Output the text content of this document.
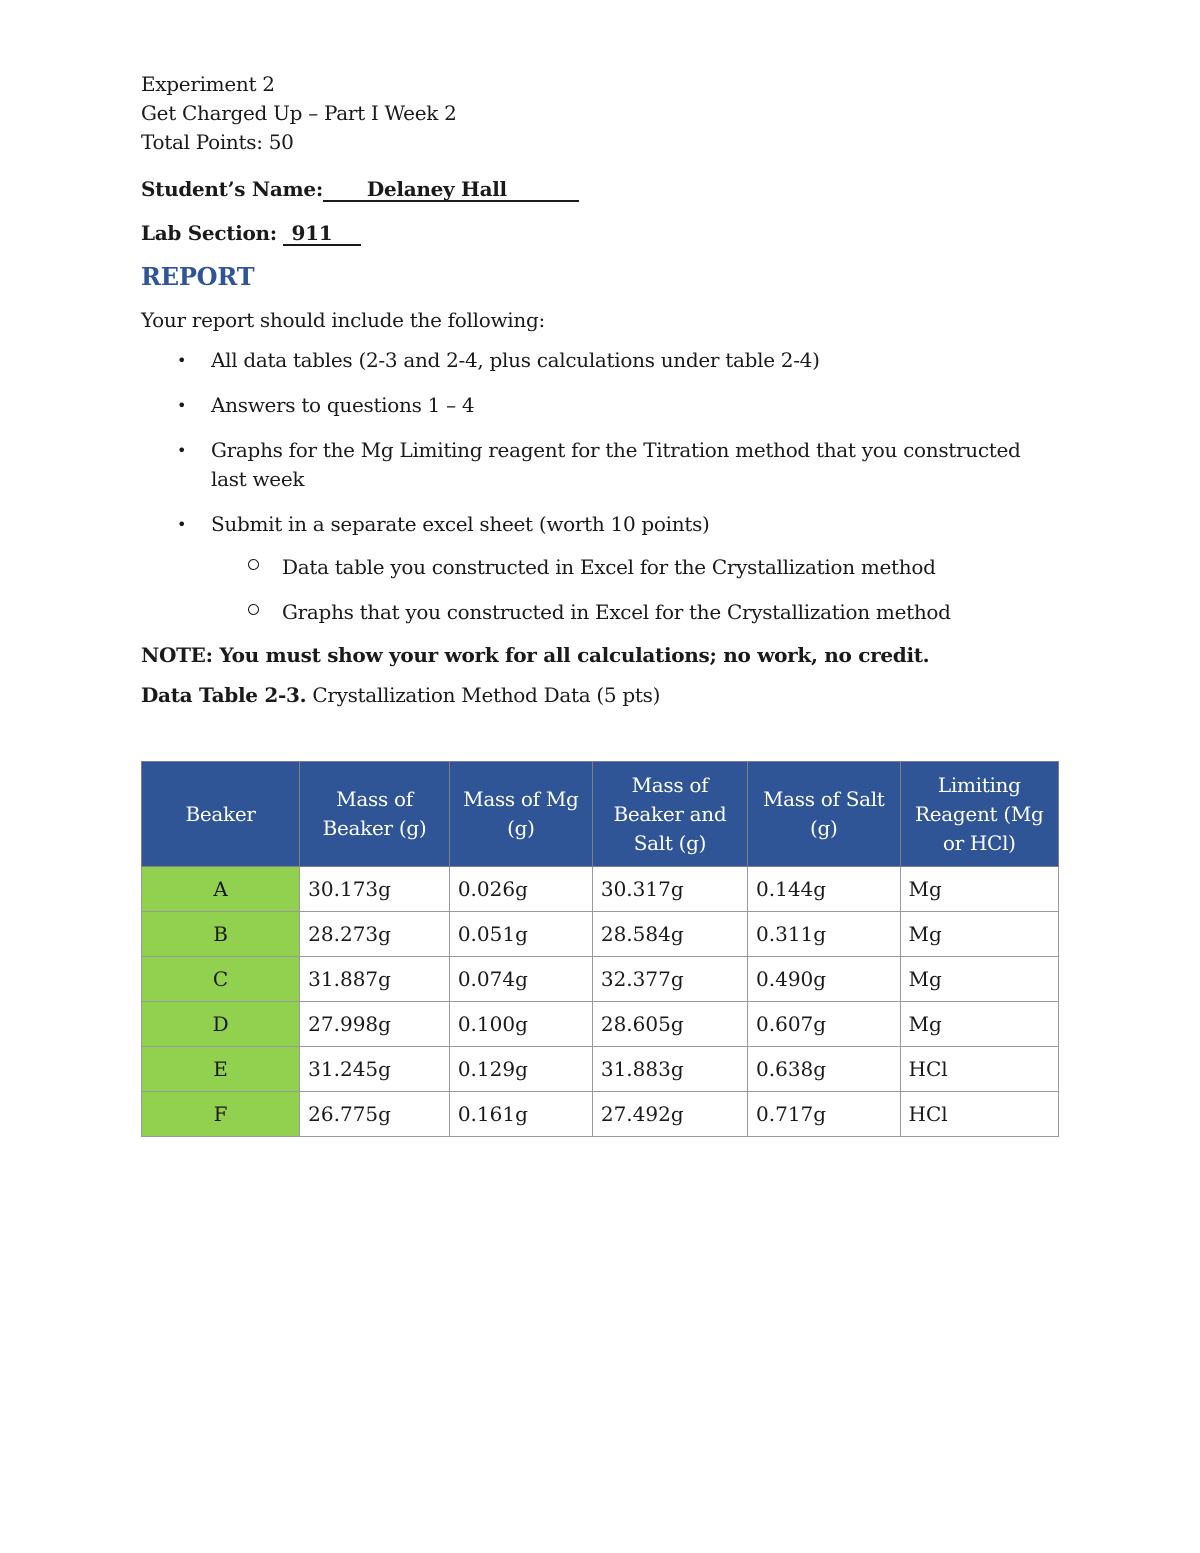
Experiment 2

Get Charged Up – Part I Week 2

Total Points: 50

Student’s Name: Delaney Hall

Lab Section: 911

REPORT

Your report should include the following:

• All data tables (2-3 and 2-4, plus calculations under table 2-4)
• Answers to questions 1 – 4
• Graphs for the Mg Limiting reagent for the Titration method that you constructed last week
• Submit in a separate excel sheet (worth 10 points)
Data table you constructed in Excel for the Crystallization method
Graphs that you constructed in Excel for the Crystallization method

NOTE: You must show your work for all calculations; no work, no credit.

Data Table 2-3. Crystallization Method Data (5 pts)

Beaker	Mass of Beaker (g)	Mass of Mg (g)	Mass of Beaker and Salt (g)	Mass of Salt (g)	Limiting Reagent (Mg or HCl)
A	30.173g	0.026g	30.317g	0.144g	Mg
B	28.273g	0.051g	28.584g	0.311g	Mg
C	31.887g	0.074g	32.377g	0.490g	Mg
D	27.998g	0.100g	28.605g	0.607g	Mg
E	31.245g	0.129g	31.883g	0.638g	HCl
F	26.775g	0.161g	27.492g	0.717g	HCl
